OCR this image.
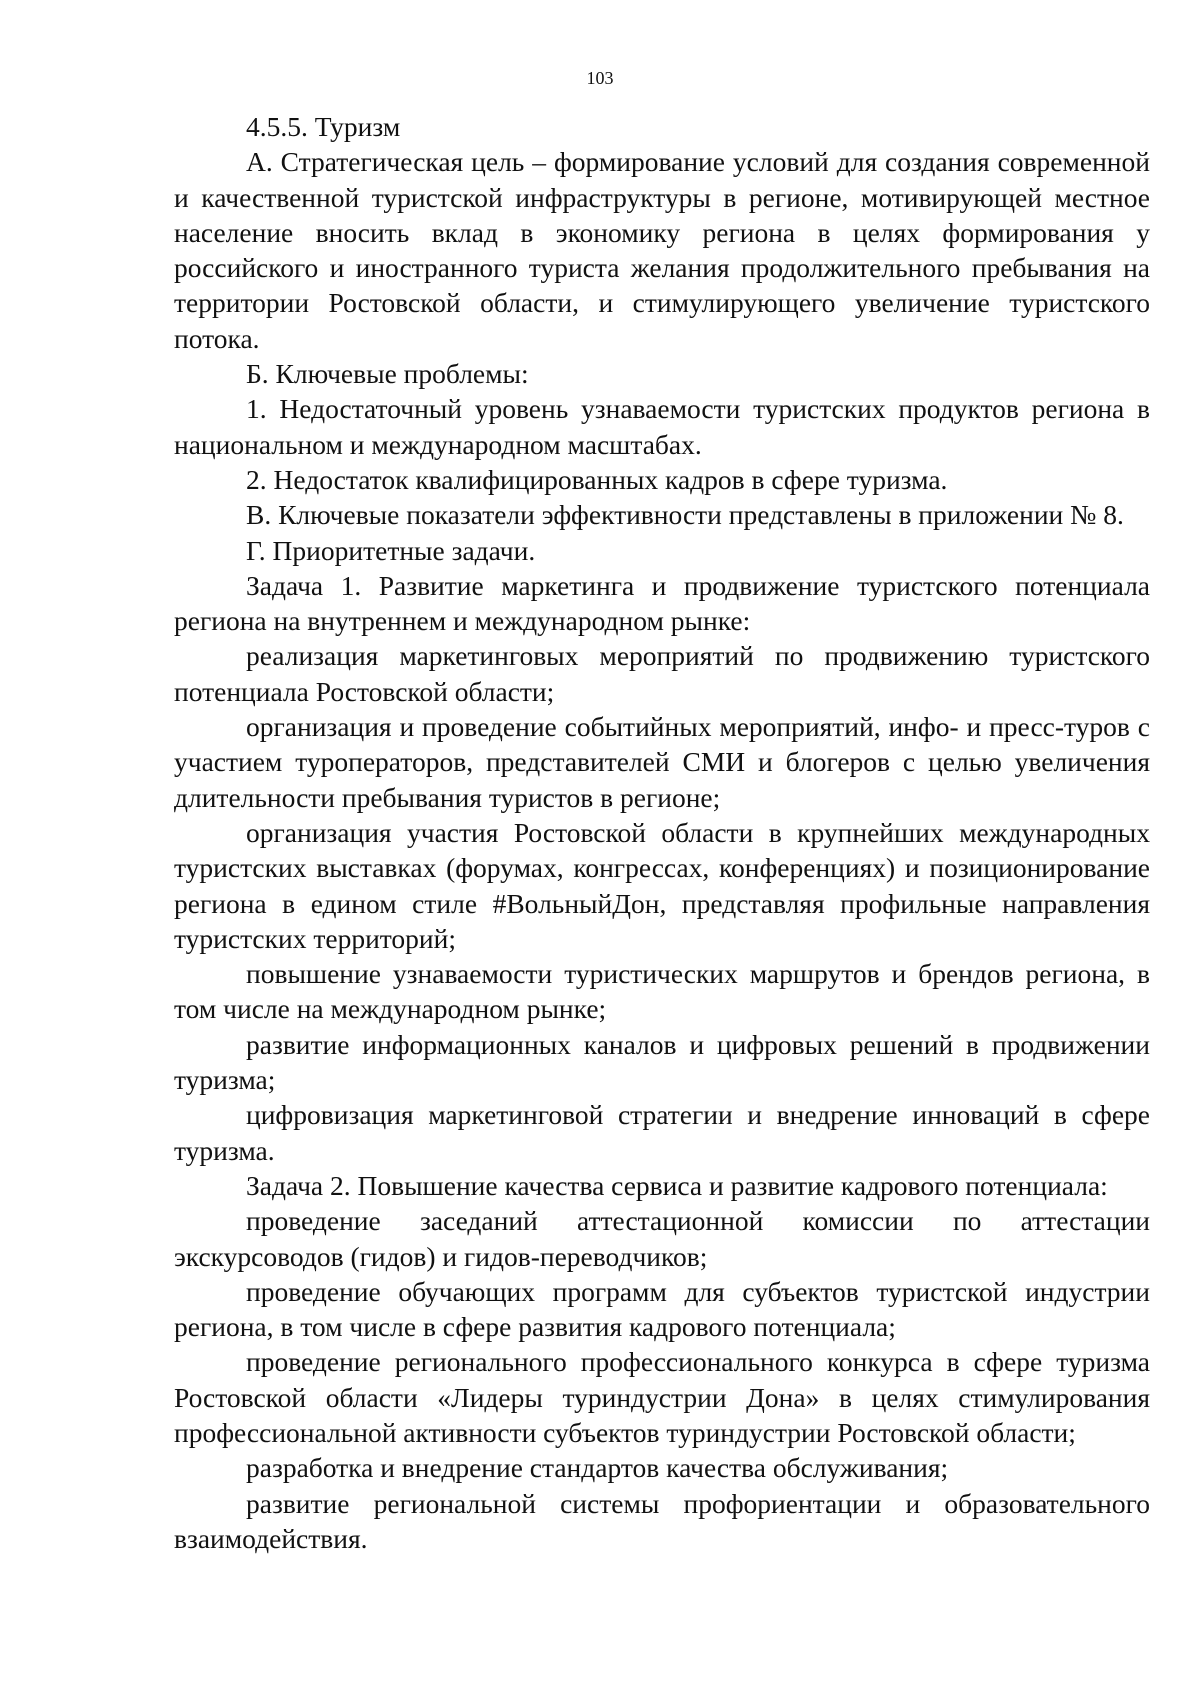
103

4.5.5. Туризм

А. Стратегическая цель – формирование условий для создания современной и качественной туристской инфраструктуры в регионе, мотивирующей местное население вносить вклад в экономику региона в целях формирования у российского и иностранного туриста желания продолжительного пребывания на территории Ростовской области, и стимулирующего увеличение туристского потока.

Б. Ключевые проблемы:

1. Недостаточный уровень узнаваемости туристских продуктов региона в национальном и международном масштабах.

2. Недостаток квалифицированных кадров в сфере туризма.

В. Ключевые показатели эффективности представлены в приложении № 8.

Г. Приоритетные задачи.

Задача 1. Развитие маркетинга и продвижение туристского потенциала региона на внутреннем и международном рынке:

реализация маркетинговых мероприятий по продвижению туристского потенциала Ростовской области;

организация и проведение событийных мероприятий, инфо- и пресс-туров с участием туроператоров, представителей СМИ и блогеров с целью увеличения длительности пребывания туристов в регионе;

организация участия Ростовской области в крупнейших международных туристских выставках (форумах, конгрессах, конференциях) и позиционирование региона в едином стиле #ВольныйДон, представляя профильные направления туристских территорий;

повышение узнаваемости туристических маршрутов и брендов региона, в том числе на международном рынке;

развитие информационных каналов и цифровых решений в продвижении туризма;

цифровизация маркетинговой стратегии и внедрение инноваций в сфере туризма.

Задача 2. Повышение качества сервиса и развитие кадрового потенциала:

проведение заседаний аттестационной комиссии по аттестации экскурсоводов (гидов) и гидов-переводчиков;

проведение обучающих программ для субъектов туристской индустрии региона, в том числе в сфере развития кадрового потенциала;

проведение регионального профессионального конкурса в сфере туризма Ростовской области «Лидеры туриндустрии Дона» в целях стимулирования профессиональной активности субъектов туриндустрии Ростовской области;

разработка и внедрение стандартов качества обслуживания;

развитие региональной системы профориентации и образовательного взаимодействия.
